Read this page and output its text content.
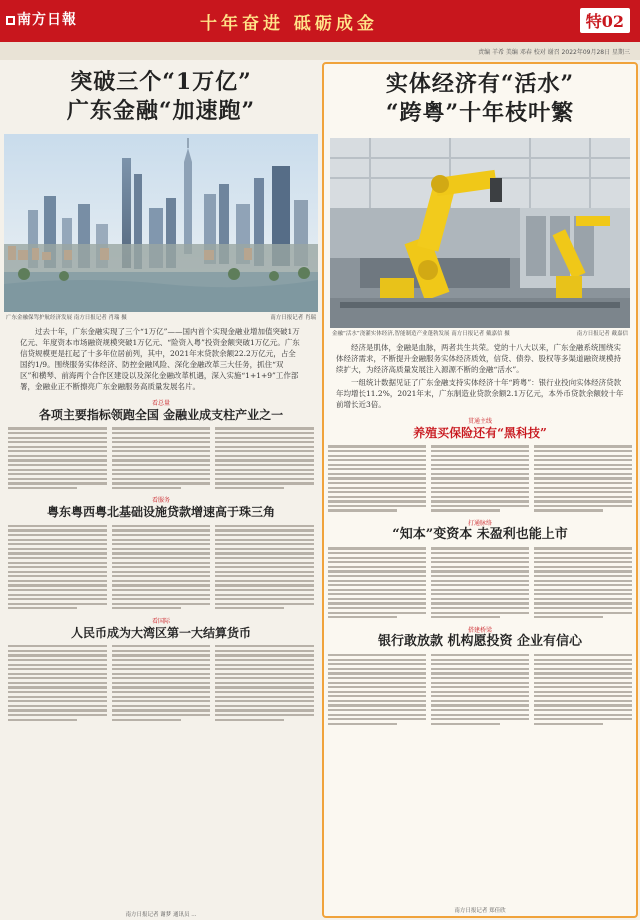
南方日報	十年奋进 砥砺成金	特02
责编 羊希 美编 邓春 校对 谢召 2022年09月28日 星期三
突破三个“1万亿”
广东金融“加速跑”
广东金融保驾护航经济发展 南方日报记者 肖瑞 摄	南方日报记者 肖瑞
过去十年，广东金融实现了三个“1万亿”——国内首个实现金融业增加值突破1万亿元、年度资本市场融资规模突破1万亿元、“险资入粤”投资金额突破1万亿元。广东信贷规模更是扛起了十多年位居前列，其中，2021年末贷款余额22.2万亿元，占全国约1/9。围绕服务实体经济、防控金融风险、深化金融改革三大任务，抓住“双区”和横琴、前海两个合作区建设以及深化金融改革机遇，深入实施“1+1+9”工作部署，金融业正不断擦亮广东金融服务高质量发展名片。
看总量
各项主要指标领跑全国 金融业成支柱产业之一
看服务
粤东粤西粤北基础设施贷款增速高于珠三角
看国际
人民币成为大湾区第一大结算货币
南方日报记者 谢梦 通讯员 ...
实体经济有“活水”
“跨粤”十年枝叶繁
金融“活水”浇灌实体经济,智能制造产业蓬勃发展 南方日报记者 戴嘉信 摄	南方日报记者 戴嘉信
经济是肌体，金融是血脉，两者共生共荣。党的十八大以来，广东金融系统围绕实体经济需求，不断提升金融服务实体经济质效，信贷、债券、股权等多渠道融资规模持续扩大，为经济高质量发展注入源源不断的金融“活水”。
一组统计数据见证了广东金融支持实体经济十年“跨粤”：银行业投向实体经济贷款年均增长11.2%，2021年末，广东制造业贷款余额2.1万亿元，本外币贷款余额较十年前增长近3倍。
贯通主线
养殖买保险还有“黑科技”
打通脉络
“知本”变资本 未盈利也能上市
搭建桥梁
银行敢放款 机构愿投资 企业有信心
南方日报记者 郑佳欣
